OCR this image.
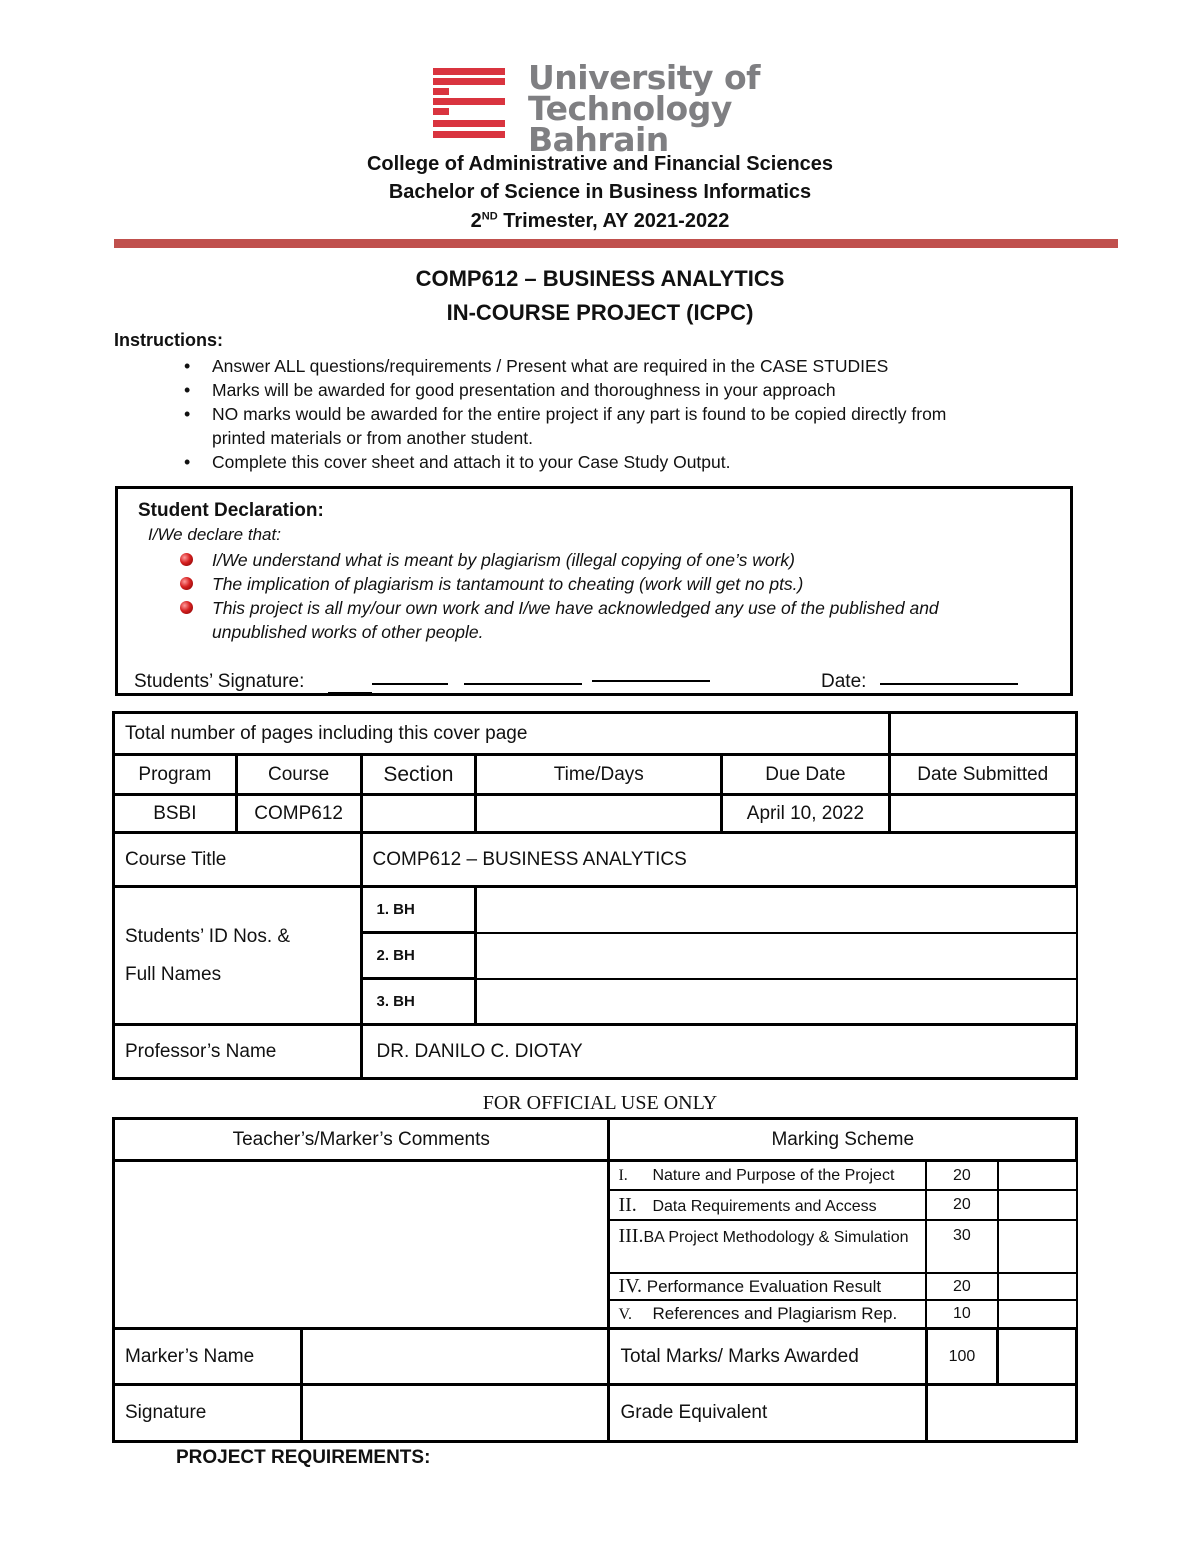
University of
Technology
Bahrain
College of Administrative and Financial Sciences
Bachelor of Science in Business Informatics
2ND Trimester, AY 2021-2022
COMP612 – BUSINESS ANALYTICS
IN-COURSE PROJECT (ICPC)
Instructions:
• Answer ALL questions/requirements / Present what are required in the CASE STUDIES
• Marks will be awarded for good presentation and thoroughness in your approach
• NO marks would be awarded for the entire project if any part is found to be copied directly from printed materials or from another student.
• Complete this cover sheet and attach it to your Case Study Output.
Student Declaration:
I/We declare that:
I/We understand what is meant by plagiarism (illegal copying of one’s work)
The implication of plagiarism is tantamount to cheating (work will get no pts.)
This project is all my/our own work and I/we have acknowledged any use of the published and unpublished works of other people.
Students’ Signature:	Date:
Total number of pages including this cover page					
Program	Course	Section	Time/Days	Due Date	Date Submitted
BSBI	COMP612			April 10, 2022	
Course Title		COMP612 – BUSINESS ANALYTICS			
Students’ ID Nos. &
Full Names		1. BH			
		2. BH			
		3. BH			
Professor’s Name		DR. DANILO C. DIOTAY			
FOR OFFICIAL USE ONLY
Teacher’s/Marker’s Comments		Marking Scheme		
		I. Nature and Purpose of the Project	20	
		II. Data Requirements and Access	20	
		III.BA Project Methodology & Simulation	30	
		IV. Performance Evaluation Result	20	
		V. References and Plagiarism Rep.	10	
Marker’s Name		Total Marks/ Marks Awarded	100	
Signature		Grade Equivalent		
PROJECT REQUIREMENTS:
